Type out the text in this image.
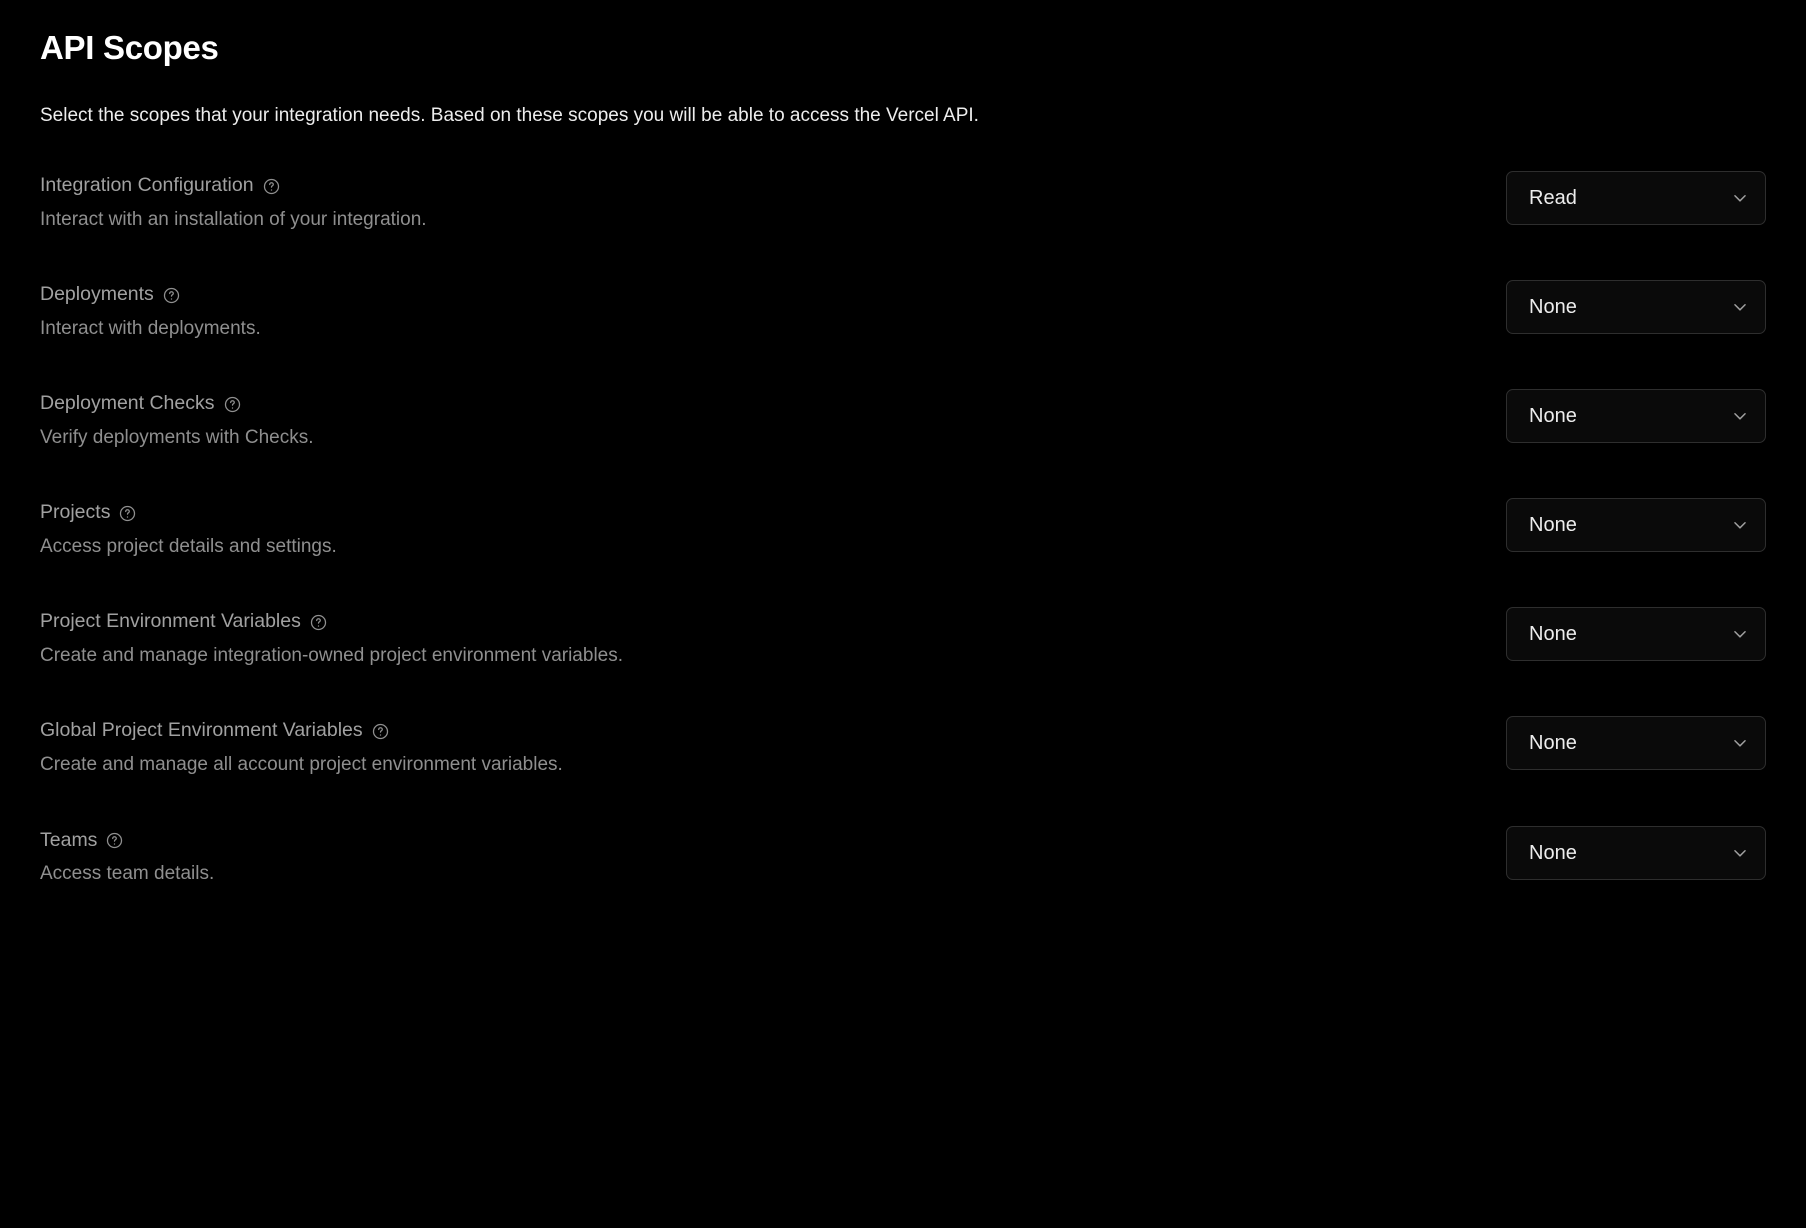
API Scopes

Select the scopes that your integration needs. Based on these scopes you will be able to access the Vercel API.

Integration Configuration
Interact with an installation of your integration.
Read
Deployments
Interact with deployments.
None
Deployment Checks
Verify deployments with Checks.
None
Projects
Access project details and settings.
None
Project Environment Variables
Create and manage integration-owned project environment variables.
None
Global Project Environment Variables
Create and manage all account project environment variables.
None
Teams
Access team details.
None
